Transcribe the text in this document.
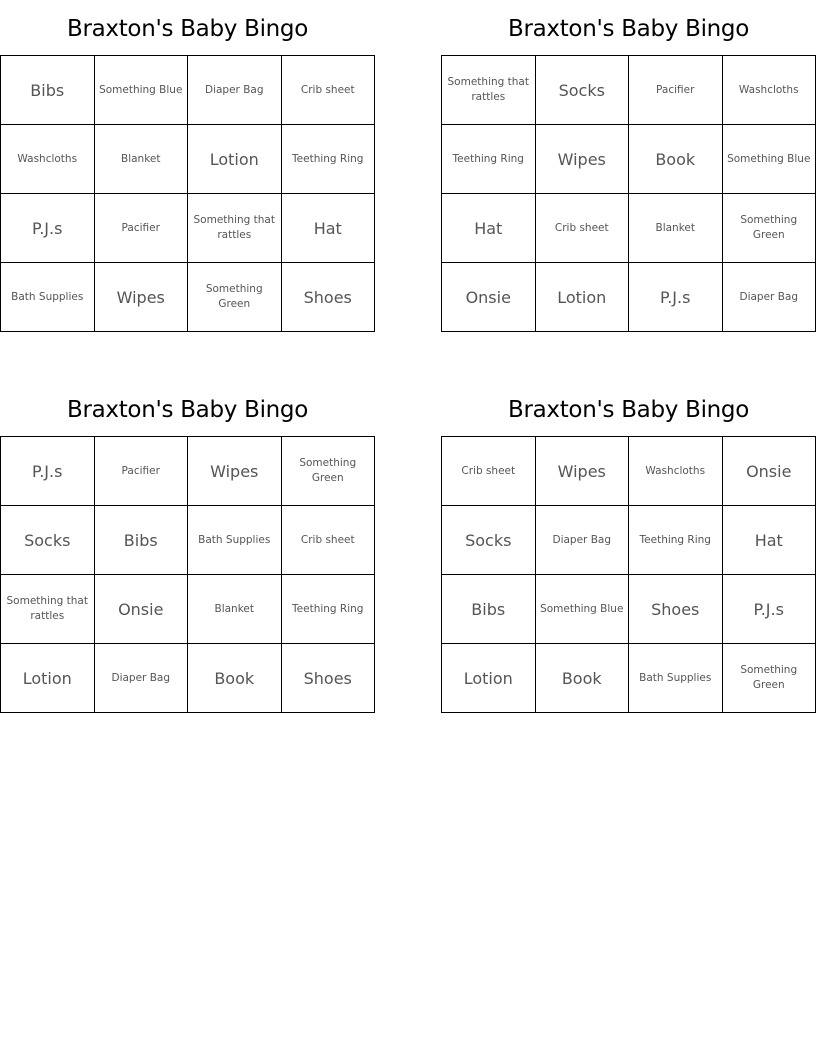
Braxton's Baby Bingo
Bibs	Something Blue	Diaper Bag	Crib sheet
Washcloths	Blanket	Lotion	Teething Ring
P.J.s	Pacifier	Something that rattles	Hat
Bath Supplies	Wipes	Something Green	Shoes
Braxton's Baby Bingo
Something that rattles	Socks	Pacifier	Washcloths
Teething Ring	Wipes	Book	Something Blue
Hat	Crib sheet	Blanket	Something Green
Onsie	Lotion	P.J.s	Diaper Bag
Braxton's Baby Bingo
P.J.s	Pacifier	Wipes	Something Green
Socks	Bibs	Bath Supplies	Crib sheet
Something that rattles	Onsie	Blanket	Teething Ring
Lotion	Diaper Bag	Book	Shoes
Braxton's Baby Bingo
Crib sheet	Wipes	Washcloths	Onsie
Socks	Diaper Bag	Teething Ring	Hat
Bibs	Something Blue	Shoes	P.J.s
Lotion	Book	Bath Supplies	Something Green
